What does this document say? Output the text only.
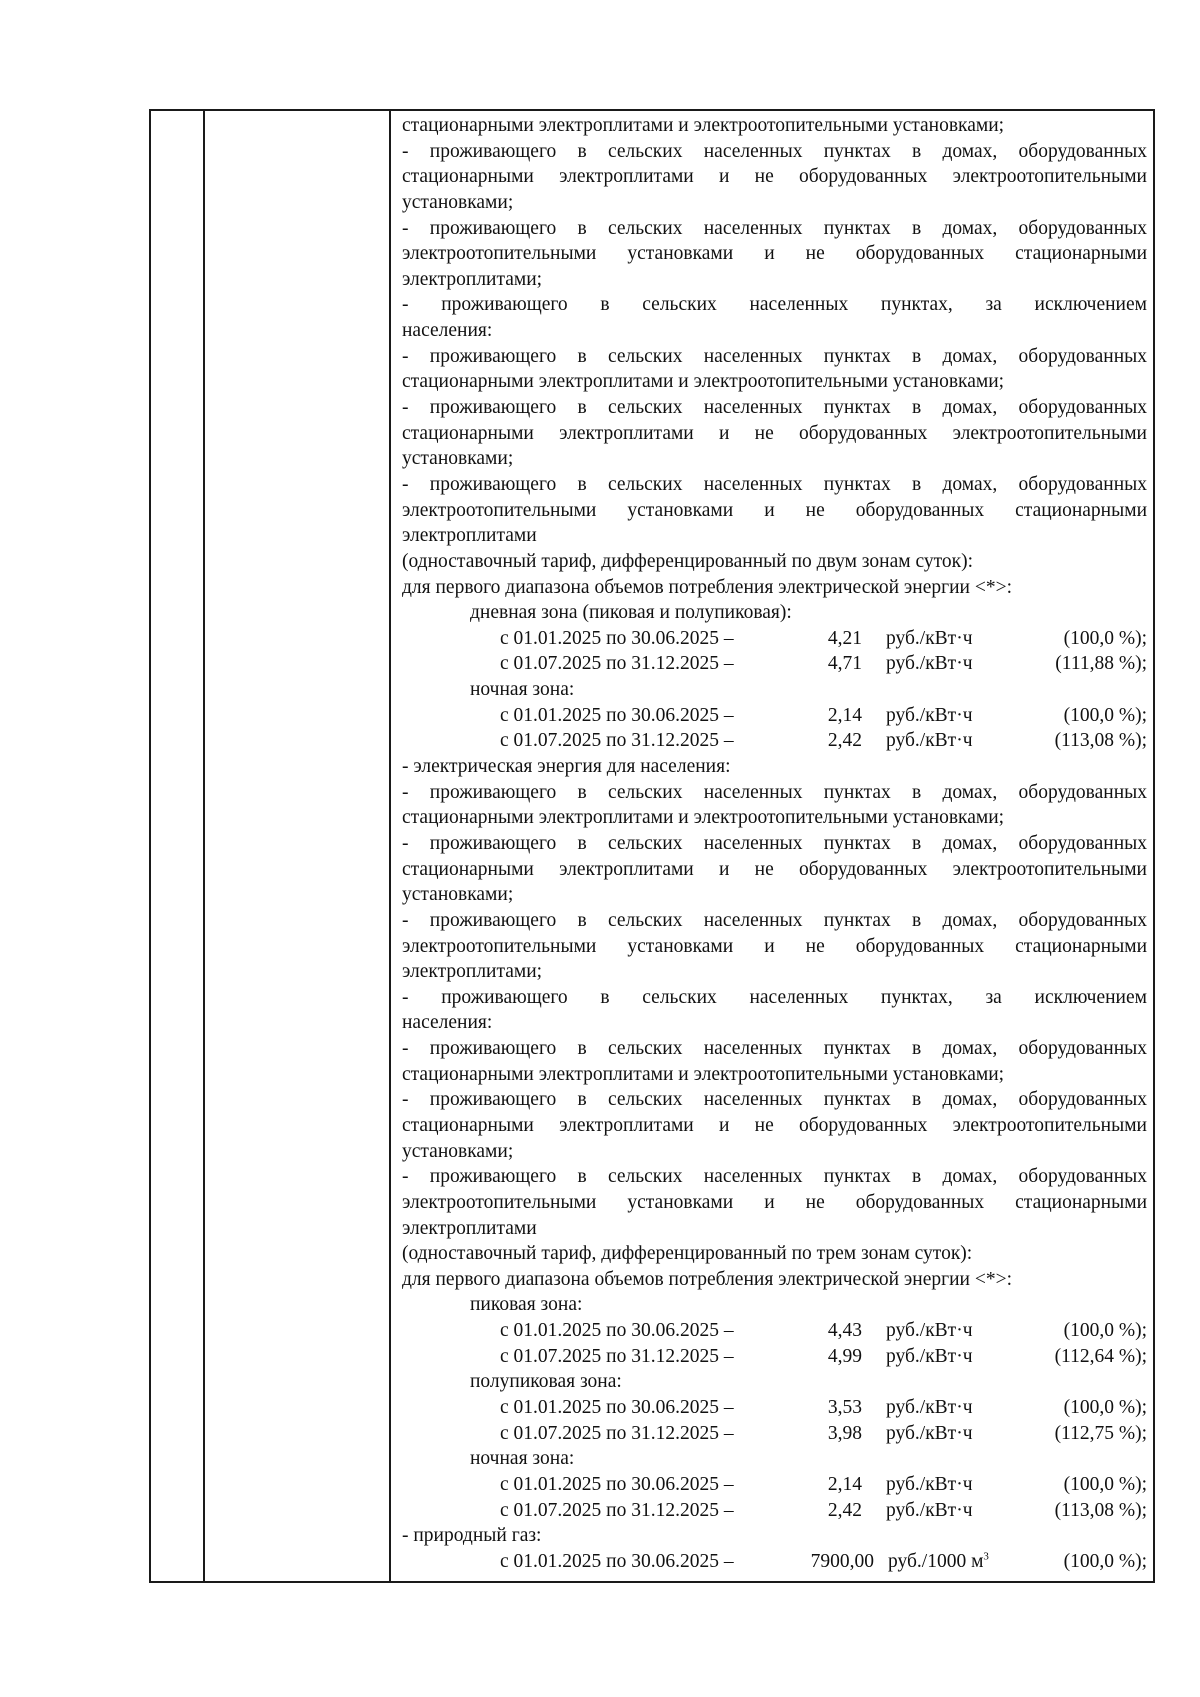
стационарными электроплитами и электроотопительными установками;
- проживающего в сельских населенных пунктах в домах, оборудованных
стационарными электроплитами и не оборудованных электроотопительными
установками;
- проживающего в сельских населенных пунктах в домах, оборудованных
электроотопительными установками и не оборудованных стационарными
электроплитами;
- проживающего в сельских населенных пунктах, за исключением
населения:
- проживающего в сельских населенных пунктах в домах, оборудованных
стационарными электроплитами и электроотопительными установками;
- проживающего в сельских населенных пунктах в домах, оборудованных
стационарными электроплитами и не оборудованных электроотопительными
установками;
- проживающего в сельских населенных пунктах в домах, оборудованных
электроотопительными установками и не оборудованных стационарными
электроплитами
(одноставочный тариф, дифференцированный по двум зонам суток):
для первого диапазона объемов потребления электрической энергии <*>:
дневная зона (пиковая и полупиковая):
с 01.01.2025 по 30.06.2025 –	4,21	руб./кВт·ч	(100,0 %);
с 01.07.2025 по 31.12.2025 –	4,71	руб./кВт·ч	(111,88 %);
ночная зона:
с 01.01.2025 по 30.06.2025 –	2,14	руб./кВт·ч	(100,0 %);
с 01.07.2025 по 31.12.2025 –	2,42	руб./кВт·ч	(113,08 %);
- электрическая энергия для населения:
- проживающего в сельских населенных пунктах в домах, оборудованных
стационарными электроплитами и электроотопительными установками;
- проживающего в сельских населенных пунктах в домах, оборудованных
стационарными электроплитами и не оборудованных электроотопительными
установками;
- проживающего в сельских населенных пунктах в домах, оборудованных
электроотопительными установками и не оборудованных стационарными
электроплитами;
- проживающего в сельских населенных пунктах, за исключением
населения:
- проживающего в сельских населенных пунктах в домах, оборудованных
стационарными электроплитами и электроотопительными установками;
- проживающего в сельских населенных пунктах в домах, оборудованных
стационарными электроплитами и не оборудованных электроотопительными
установками;
- проживающего в сельских населенных пунктах в домах, оборудованных
электроотопительными установками и не оборудованных стационарными
электроплитами
(одноставочный тариф, дифференцированный по трем зонам суток):
для первого диапазона объемов потребления электрической энергии <*>:
пиковая зона:
с 01.01.2025 по 30.06.2025 –	4,43	руб./кВт·ч	(100,0 %);
с 01.07.2025 по 31.12.2025 –	4,99	руб./кВт·ч	(112,64 %);
полупиковая зона:
с 01.01.2025 по 30.06.2025 –	3,53	руб./кВт·ч	(100,0 %);
с 01.07.2025 по 31.12.2025 –	3,98	руб./кВт·ч	(112,75 %);
ночная зона:
с 01.01.2025 по 30.06.2025 –	2,14	руб./кВт·ч	(100,0 %);
с 01.07.2025 по 31.12.2025 –	2,42	руб./кВт·ч	(113,08 %);
- природный газ:
с 01.01.2025 по 30.06.2025 –	7900,00 руб./1000 $м^3$	(100,0 %);
